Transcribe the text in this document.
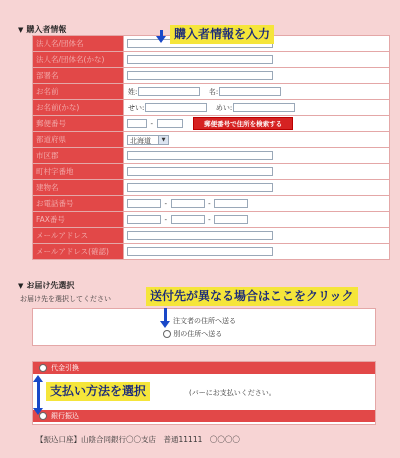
▼ 購入者情報
法人名/団体名	
法人名/団体名(かな)	
部署名	
お名前	姓: 名:
お名前(かな)	せい: めい:
郵便番号	- 郵便番号で住所を検索する
都道府県	北海道 ▼

市区郡	
町村字番地	
建物名	
お電話番号	- -
FAX番号	- -
メールアドレス	
メールアドレス(確認)	
購入者情報を入力
▼ お届け先選択
お届け先を選択してください
注文者の住所へ送る
別の住所へ送る
送付先が異なる場合はここをクリック
代金引換
(バーにお支払いください。
銀行振込
支払い方法を選択
【振込口座】山陰合同銀行〇〇支店　普通11111　〇〇〇〇
